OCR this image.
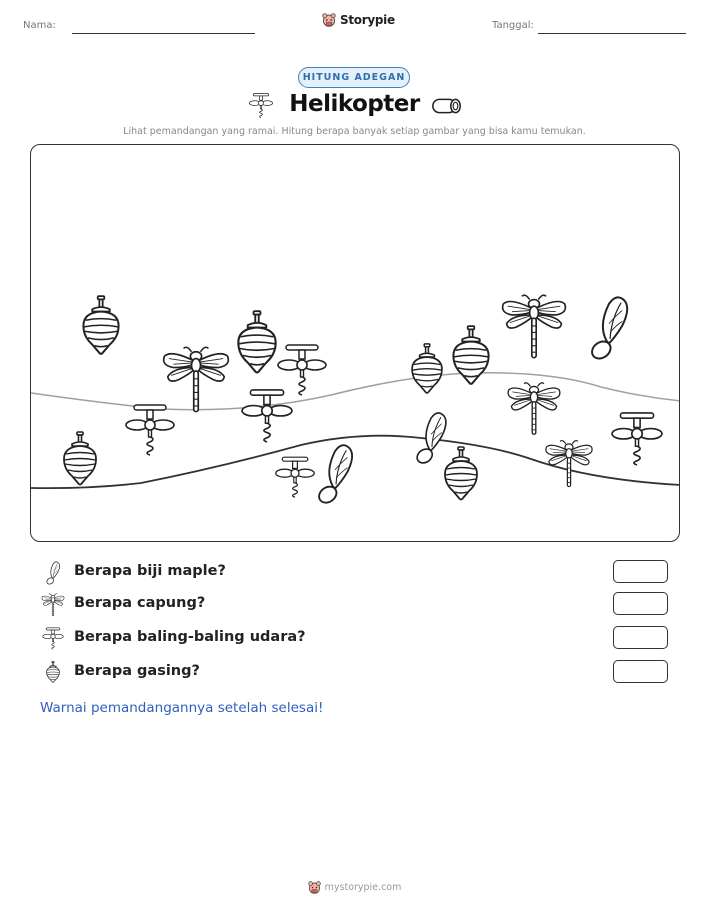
Nama:	Storypie	Tanggal:
HITUNG ADEGAN
Helikopter
Lihat pemandangan yang ramai. Hitung berapa banyak setiap gambar yang bisa kamu temukan.
Berapa biji maple?
Berapa capung?
Berapa baling-baling udara?
Berapa gasing?
Warnai pemandangannya setelah selesai!
mystorypie.com
